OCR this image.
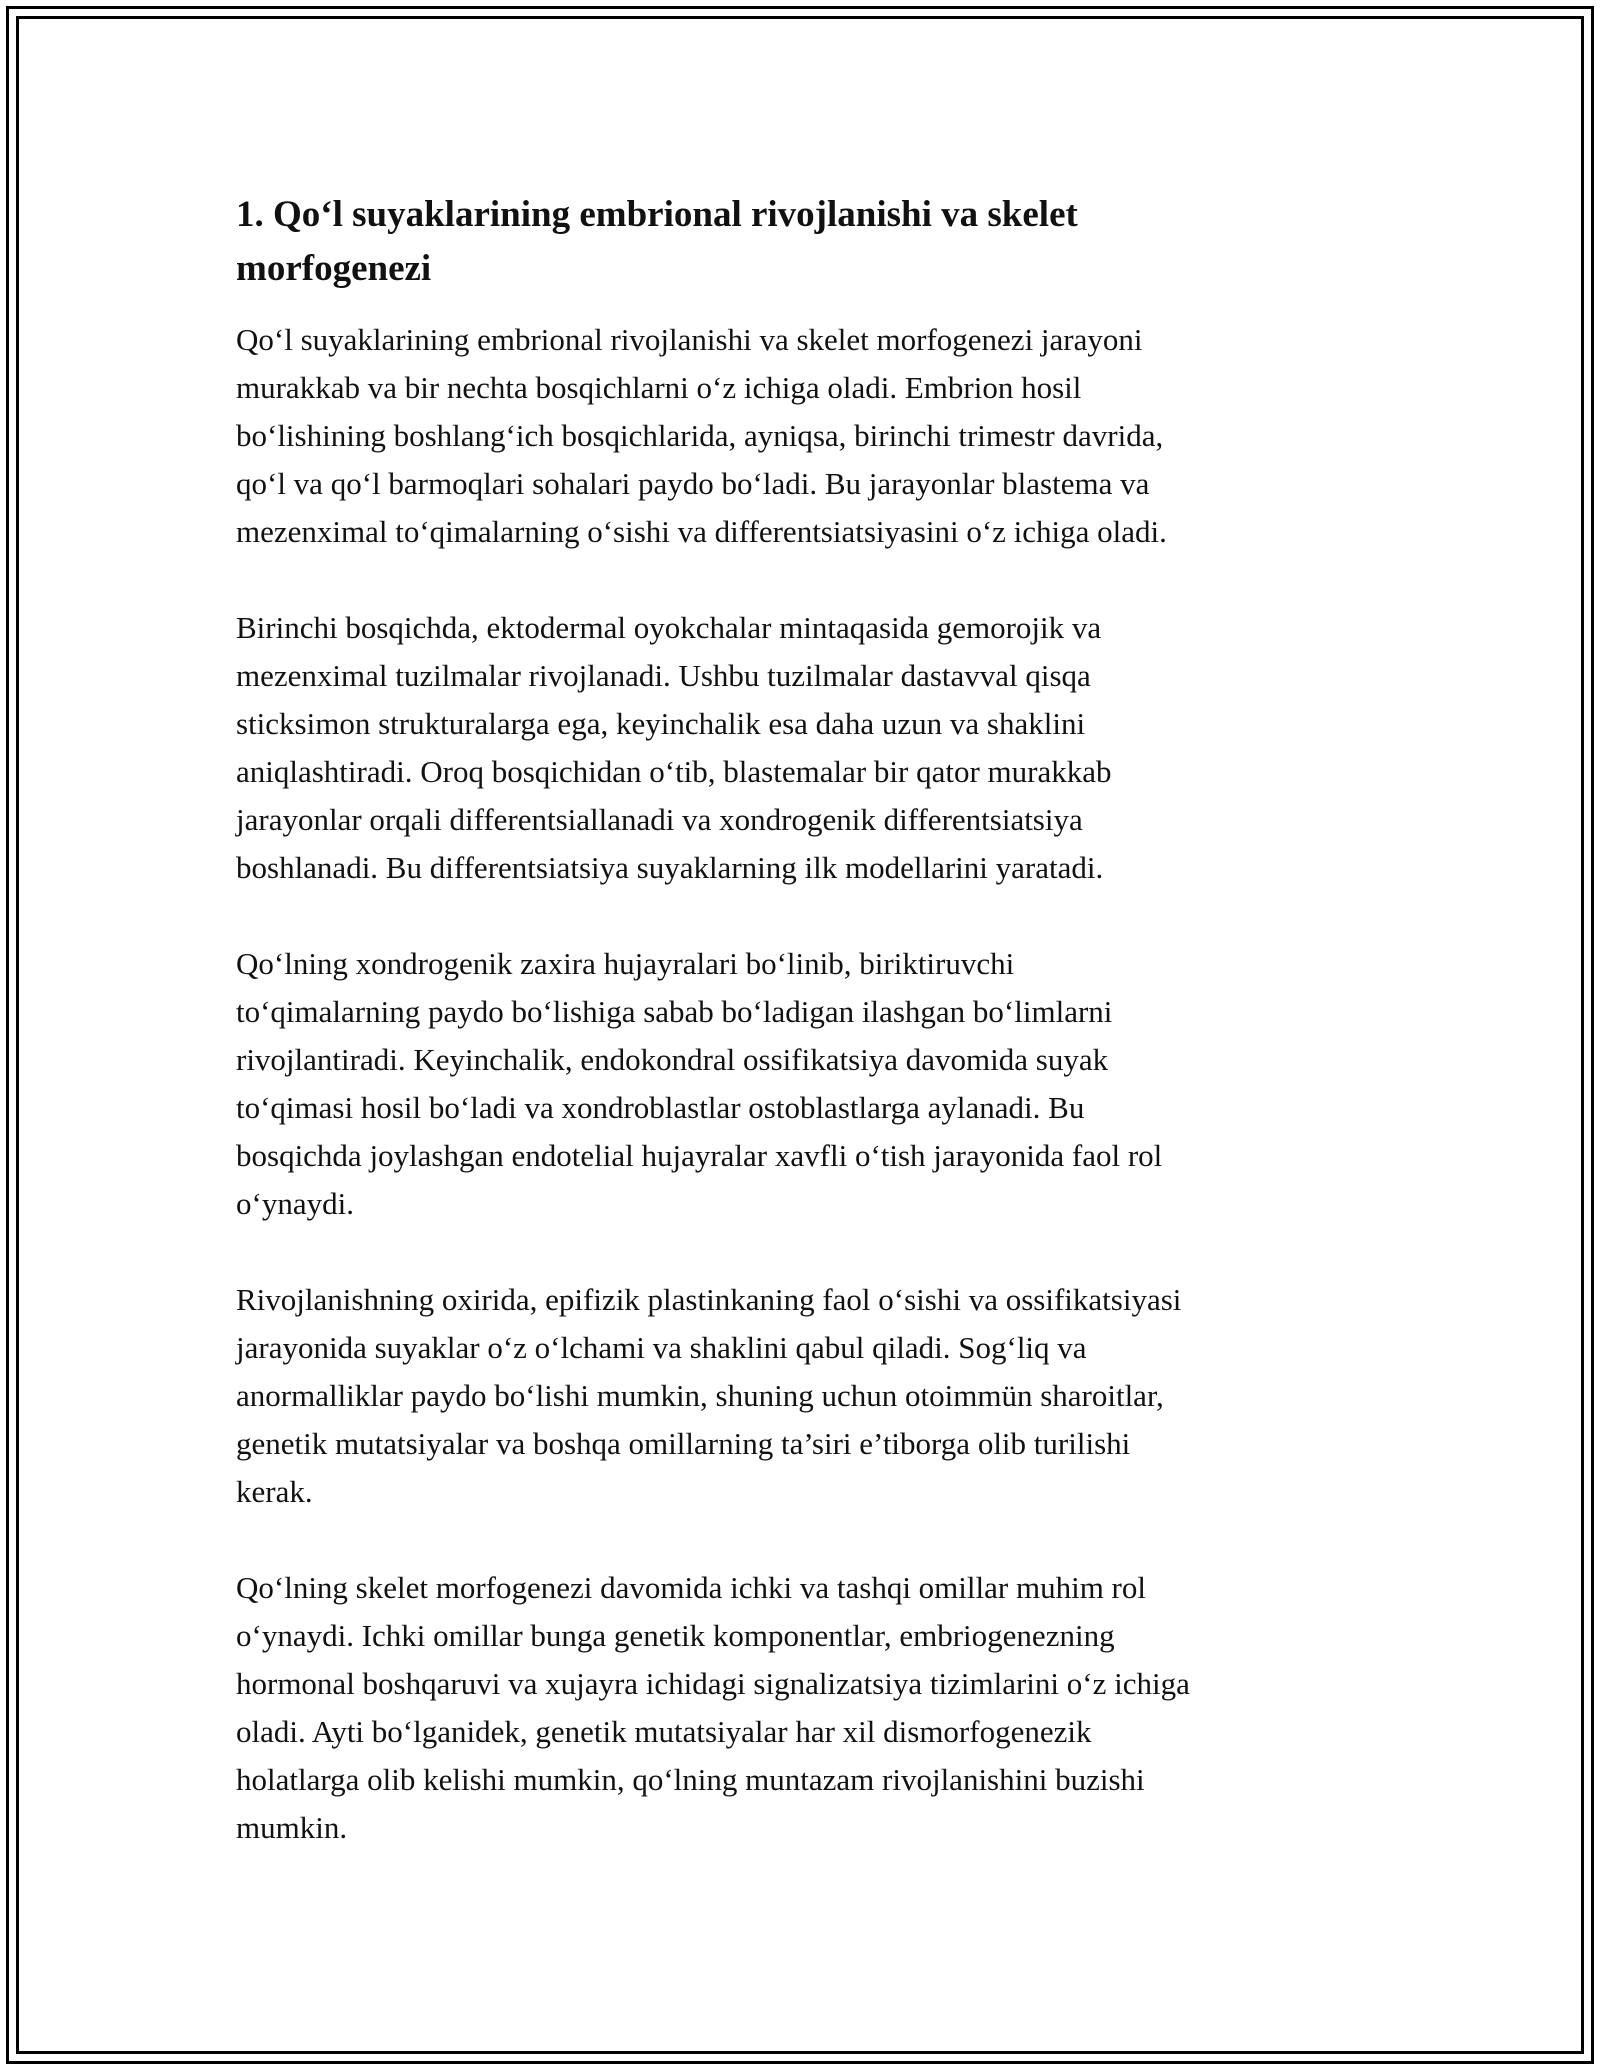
1. Qo‘l suyaklarining embrional rivojlanishi va skelet
morfogenezi

Qo‘l suyaklarining embrional rivojlanishi va skelet morfogenezi jarayoni
murakkab va bir nechta bosqichlarni o‘z ichiga oladi. Embrion hosil
bo‘lishining boshlang‘ich bosqichlarida, ayniqsa, birinchi trimestr davrida,
qo‘l va qo‘l barmoqlari sohalari paydo bo‘ladi. Bu jarayonlar blastema va
mezenximal to‘qimalarning o‘sishi va differentsiatsiyasini o‘z ichiga oladi.

Birinchi bosqichda, ektodermal oyokchalar mintaqasida gemorojik va
mezenximal tuzilmalar rivojlanadi. Ushbu tuzilmalar dastavval qisqa
sticksimon strukturalarga ega, keyinchalik esa daha uzun va shaklini
aniqlashtiradi. Oroq bosqichidan o‘tib, blastemalar bir qator murakkab
jarayonlar orqali differentsiallanadi va xondrogenik differentsiatsiya
boshlanadi. Bu differentsiatsiya suyaklarning ilk modellarini yaratadi.

Qo‘lning xondrogenik zaxira hujayralari bo‘linib, biriktiruvchi
to‘qimalarning paydo bo‘lishiga sabab bo‘ladigan ilashgan bo‘limlarni
rivojlantiradi. Keyinchalik, endokondral ossifikatsiya davomida suyak
to‘qimasi hosil bo‘ladi va xondroblastlar ostoblastlarga aylanadi. Bu
bosqichda joylashgan endotelial hujayralar xavfli o‘tish jarayonida faol rol
o‘ynaydi.

Rivojlanishning oxirida, epifizik plastinkaning faol o‘sishi va ossifikatsiyasi
jarayonida suyaklar o‘z o‘lchami va shaklini qabul qiladi. Sog‘liq va
anormalliklar paydo bo‘lishi mumkin, shuning uchun otoimmün sharoitlar,
genetik mutatsiyalar va boshqa omillarning ta’siri e’tiborga olib turilishi
kerak.

Qo‘lning skelet morfogenezi davomida ichki va tashqi omillar muhim rol
o‘ynaydi. Ichki omillar bunga genetik komponentlar, embriogenezning
hormonal boshqaruvi va xujayra ichidagi signalizatsiya tizimlarini o‘z ichiga
oladi. Ayti bo‘lganidek, genetik mutatsiyalar har xil dismorfogenezik
holatlarga olib kelishi mumkin, qo‘lning muntazam rivojlanishini buzishi
mumkin.
